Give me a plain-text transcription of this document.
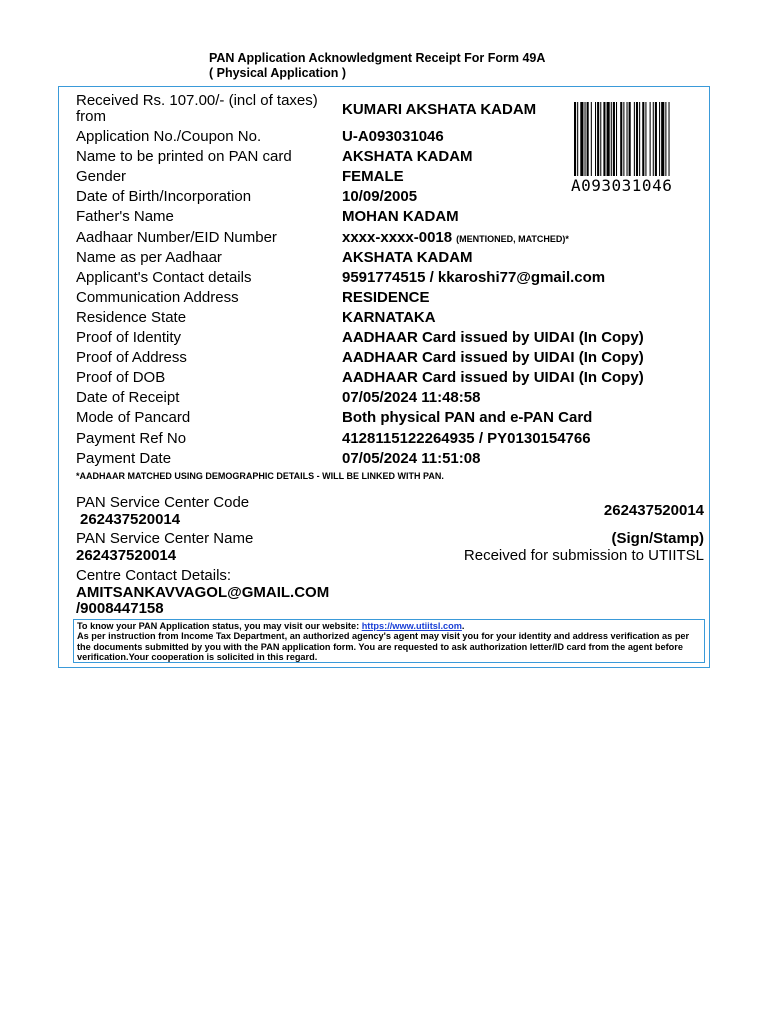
PAN Application Acknowledgment Receipt For Form 49A
( Physical Application )
Received Rs. 107.00/- (incl of taxes)
from	KUMARI AKSHATA KADAM
A093031046
Application No./Coupon No.	U-A093031046
Name to be printed on PAN card	AKSHATA KADAM
Gender	FEMALE
Date of Birth/Incorporation	10/09/2005
Father's Name	MOHAN KADAM
Aadhaar Number/EID Number	xxxx-xxxx-0018 (MENTIONED, MATCHED)*
Name as per Aadhaar	AKSHATA KADAM
Applicant's Contact details	9591774515 / kkaroshi77@gmail.com
Communication Address	RESIDENCE
Residence State	KARNATAKA
Proof of Identity	AADHAAR Card issued by UIDAI (In Copy)
Proof of Address	AADHAAR Card issued by UIDAI (In Copy)
Proof of DOB	AADHAAR Card issued by UIDAI (In Copy)
Date of Receipt	07/05/2024 11:48:58
Mode of Pancard	Both physical PAN and e-PAN Card
Payment Ref No	4128115122264935 / PY0130154766
Payment Date	07/05/2024 11:51:08
*AADHAAR MATCHED USING DEMOGRAPHIC DETAILS - WILL BE LINKED WITH PAN.
PAN Service Center Code
262437520014
262437520014
PAN Service Center Name
262437520014
(Sign/Stamp)
Received for submission to UTIITSL
Centre Contact Details:
AMITSANKAVVAGOL@GMAIL.COM
/9008447158
To know your PAN Application status, you may visit our website: https://www.utiitsl.com.
As per instruction from Income Tax Department, an authorized agency's agent may visit you for your identity and address verification as per the documents submitted by you with the PAN application form. You are requested to ask authorization letter/ID card from the agent before verification.Your cooperation is solicited in this regard.
